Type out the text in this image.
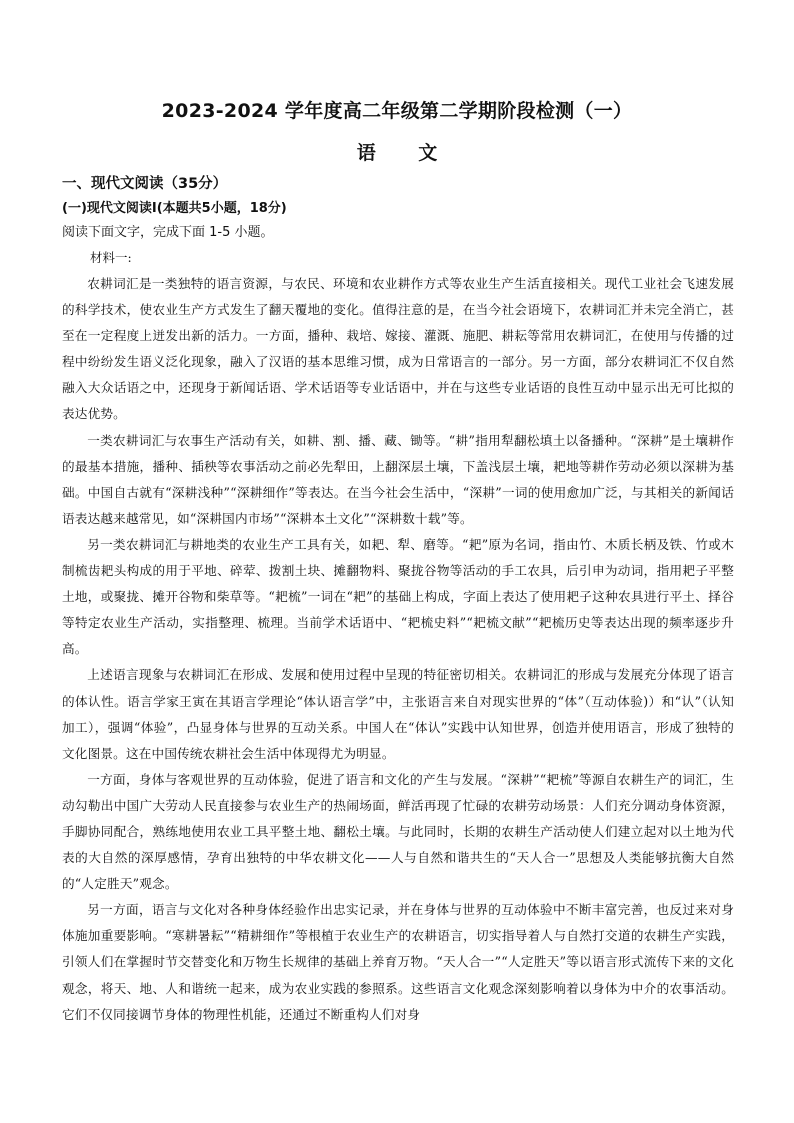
2023-2024 学年度高二年级第二学期阶段检测（一）
语 文

一、现代文阅读（35分）

(一)现代文阅读Ⅰ(本题共5小题，18分)

阅读下面文字，完成下面 1-5 小题。

材料一:

农耕词汇是一类独特的语言资源，与农民、环境和农业耕作方式等农业生产生活直接相关。现代工业社会飞速发展的科学技术，使农业生产方式发生了翻天覆地的变化。值得注意的是，在当今社会语境下，农耕词汇并未完全消亡，甚至在一定程度上迸发出新的活力。一方面，播种、栽培、嫁接、灌溉、施肥、耕耘等常用农耕词汇，在使用与传播的过程中纷纷发生语义泛化现象，融入了汉语的基本思维习惯，成为日常语言的一部分。另一方面，部分农耕词汇不仅自然融入大众话语之中，还现身于新闻话语、学术话语等专业话语中，并在与这些专业话语的良性互动中显示出无可比拟的表达优势。

一类农耕词汇与农事生产活动有关，如耕、割、播、藏、锄等。“耕”指用犁翻松填土以备播种。“深耕”是土壤耕作的最基本措施，播种、插秧等农事活动之前必先犁田，上翻深层土壤，下盖浅层土壤，耙地等耕作劳动必须以深耕为基础。中国自古就有“深耕浅种”“深耕细作”等表达。在当今社会生活中，“深耕”一词的使用愈加广泛，与其相关的新闻话语表达越来越常见，如“深耕国内市场”“深耕本土文化”“深耕数十载”等。

另一类农耕词汇与耕地类的农业生产工具有关，如耙、犁、磨等。“耙”原为名词，指由竹、木质长柄及铁、竹或木制梳齿耙头构成的用于平地、碎荤、拨割土块、摊翻物料、聚拢谷物等活动的手工农具，后引申为动词，指用耙子平整土地，或聚拢、摊开谷物和柴草等。“耙梳”一词在“耙”的基础上构成，字面上表达了使用耙子这种农具进行平土、择谷等特定农业生产活动，实指整理、梳理。当前学术话语中、“耙梳史料”“耙梳文献”“耙梳历史等表达出现的频率逐步升高。

上述语言现象与农耕词汇在形成、发展和使用过程中呈现的特征密切相关。农耕词汇的形成与发展充分体现了语言的体认性。语言学家王寅在其语言学理论“体认语言学”中，主张语言来自对现实世界的“体”（互动体验)）和“认”（认知加工），强调“体验”，凸显身体与世界的互动关系。中国人在“体认”实践中认知世界，创造并使用语言，形成了独特的文化图景。这在中国传统农耕社会生活中体现得尤为明显。

一方面，身体与客观世界的互动体验，促进了语言和文化的产生与发展。“深耕”“耙梳”等源自农耕生产的词汇，生动勾勒出中国广大劳动人民直接参与农业生产的热闹场面，鲜活再现了忙碌的农耕劳动场景：人们充分调动身体资源，手脚协同配合，熟练地使用农业工具平整土地、翻松土壤。与此同时，长期的农耕生产活动使人们建立起对以土地为代表的大自然的深厚感情，孕育出独特的中华农耕文化——人与自然和谐共生的“天人合一”思想及人类能够抗衡大自然的“人定胜天”观念。

另一方面，语言与文化对各种身体经验作出忠实记录，并在身体与世界的互动体验中不断丰富完善，也反过来对身体施加重要影响。“寒耕暑耘”“精耕细作”等根植于农业生产的农耕语言，切实指导着人与自然打交道的农耕生产实践，引领人们在掌握时节交替变化和万物生长规律的基础上养育万物。“天人合一”“人定胜天”等以语言形式流传下来的文化观念，将天、地、人和谐统一起来，成为农业实践的参照系。这些语言文化观念深刻影响着以身体为中介的农事活动。它们不仅同接调节身体的物理性机能，还通过不断重构人们对身
